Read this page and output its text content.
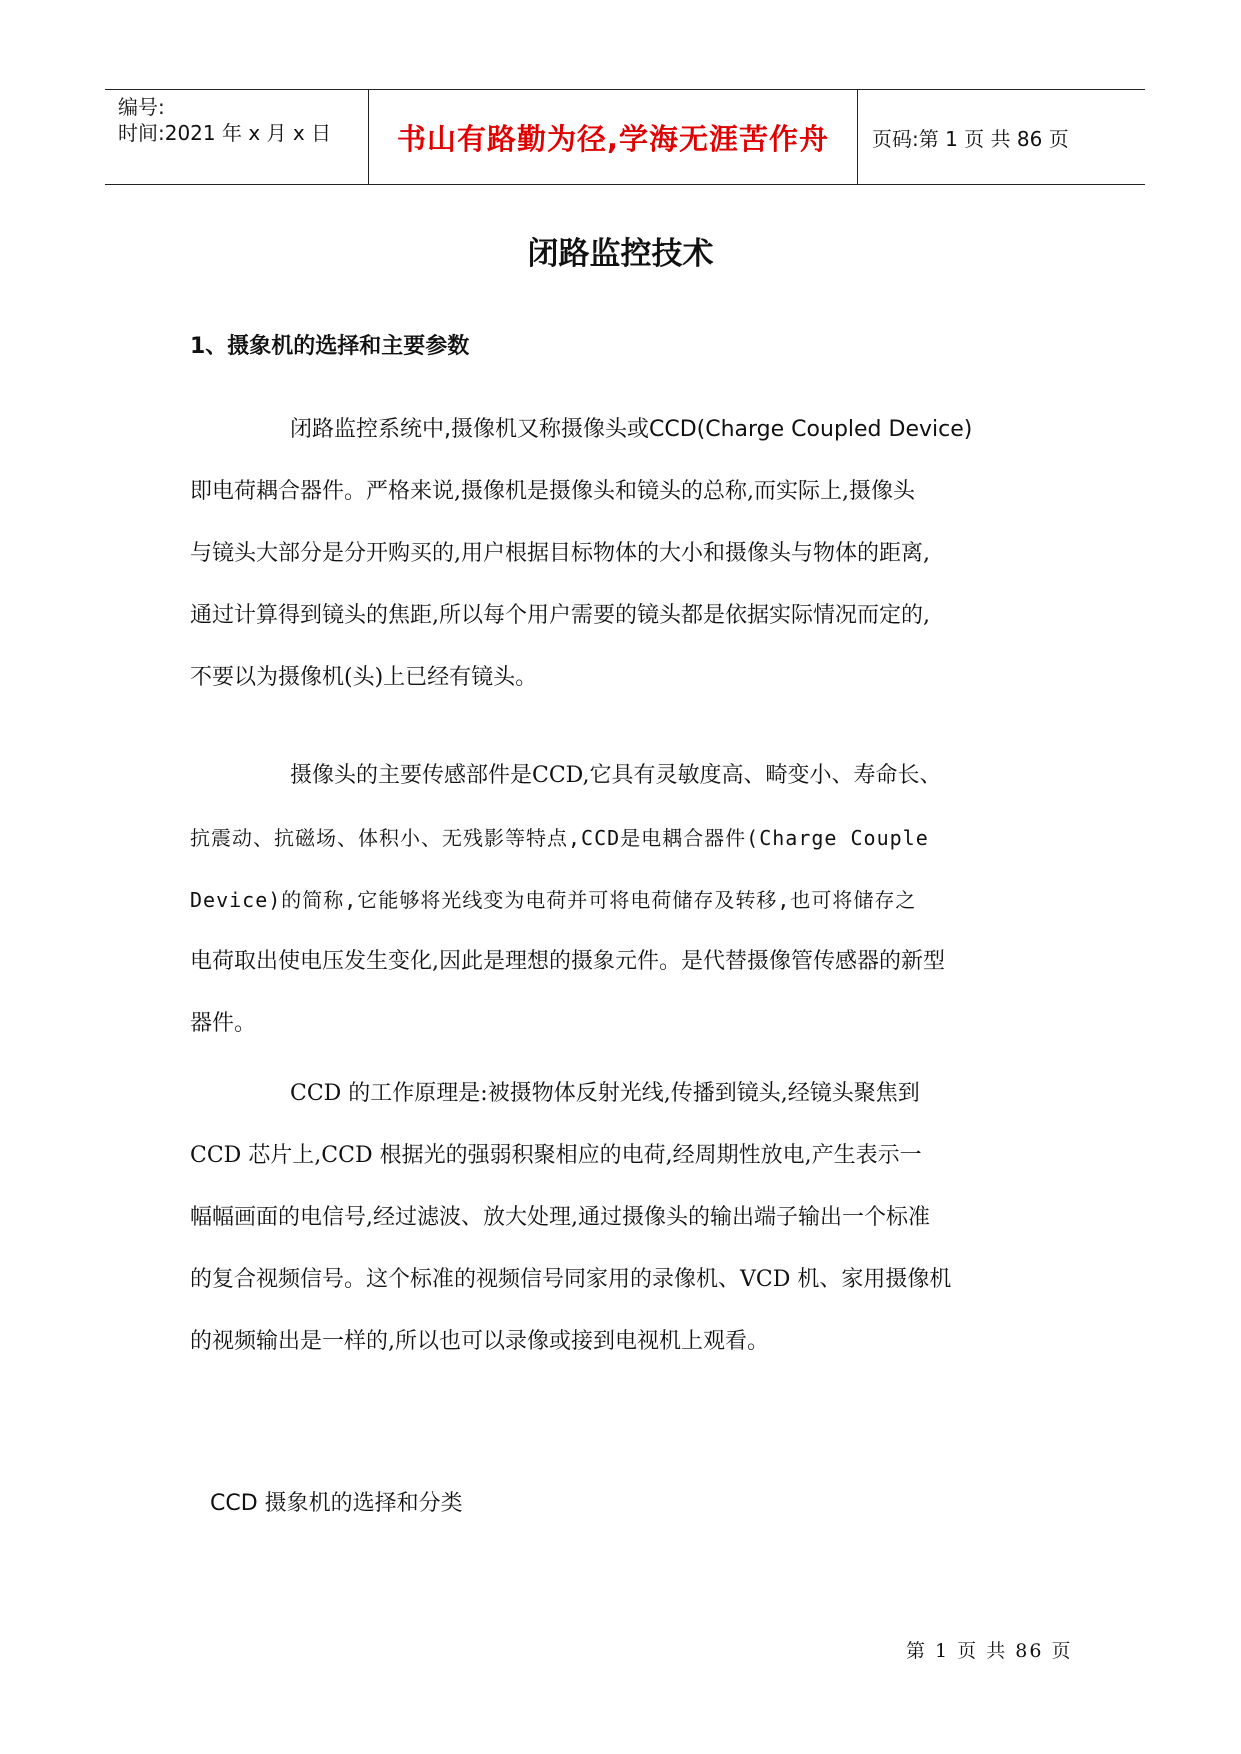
编号:
时间:2021 年 x 月 x 日 书山有路勤为径,学海无涯苦作舟 页码:第 1 页 共 86 页
闭路监控技术
1、摄象机的选择和主要参数
闭路监控系统中,摄像机又称摄像头或CCD(Charge Coupled Device)
即电荷耦合器件。严格来说,摄像机是摄像头和镜头的总称,而实际上,摄像头
与镜头大部分是分开购买的,用户根据目标物体的大小和摄像头与物体的距离,
通过计算得到镜头的焦距,所以每个用户需要的镜头都是依据实际情况而定的,
不要以为摄像机(头)上已经有镜头。
摄像头的主要传感部件是CCD,它具有灵敏度高、畸变小、寿命长、
抗震动、抗磁场、体积小、无残影等特点,CCD是电耦合器件(Charge Couple
Device)的简称,它能够将光线变为电荷并可将电荷储存及转移,也可将储存之
电荷取出使电压发生变化,因此是理想的摄象元件。是代替摄像管传感器的新型
器件。
CCD 的工作原理是:被摄物体反射光线,传播到镜头,经镜头聚焦到
CCD 芯片上,CCD 根据光的强弱积聚相应的电荷,经周期性放电,产生表示一
幅幅画面的电信号,经过滤波、放大处理,通过摄像头的输出端子输出一个标准
的复合视频信号。这个标准的视频信号同家用的录像机、VCD 机、家用摄像机
的视频输出是一样的,所以也可以录像或接到电视机上观看。
CCD 摄象机的选择和分类
第 1 页 共 86 页
